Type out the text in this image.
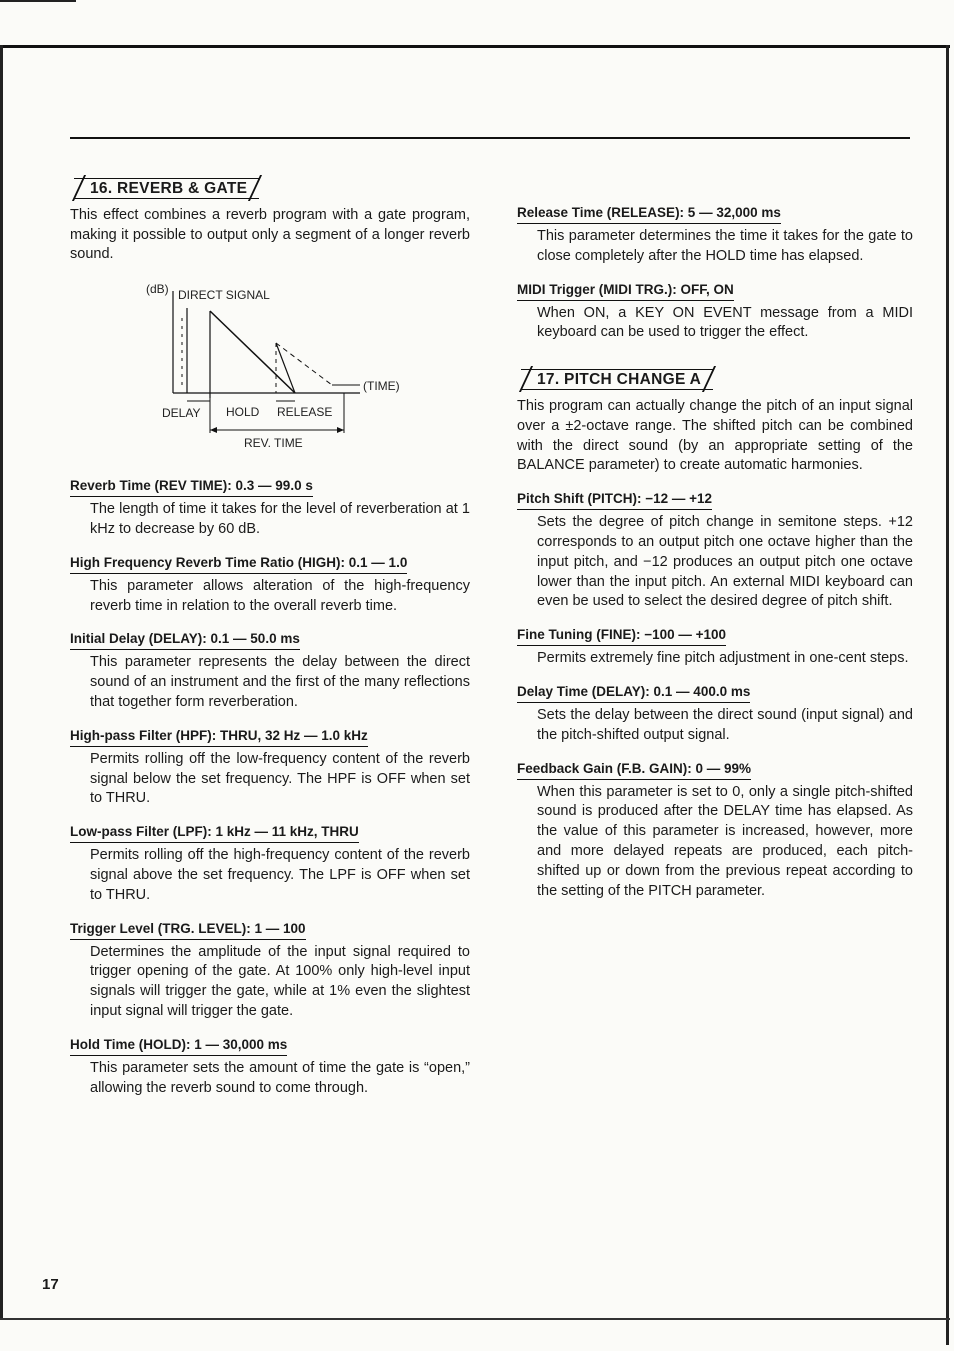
16. REVERB & GATE

This effect combines a reverb program with a gate program, making it possible to output only a segment of a longer reverb sound.

(dB) DIRECT SIGNAL
(TIME)
DELAY HOLD RELEASE
REV. TIME
Reverb Time (REV TIME): 0.3 — 99.0 s

The length of time it takes for the level of reverberation at 1 kHz to decrease by 60 dB.

High Frequency Reverb Time Ratio (HIGH): 0.1 — 1.0

This parameter allows alteration of the high-frequency reverb time in relation to the overall reverb time.

Initial Delay (DELAY): 0.1 — 50.0 ms

This parameter represents the delay between the direct sound of an instrument and the first of the many reflections that together form reverberation.

High-pass Filter (HPF): THRU, 32 Hz — 1.0 kHz

Permits rolling off the low-frequency content of the reverb signal below the set frequency. The HPF is OFF when set to THRU.

Low-pass Filter (LPF): 1 kHz — 11 kHz, THRU

Permits rolling off the high-frequency content of the reverb signal above the set frequency. The LPF is OFF when set to THRU.

Trigger Level (TRG. LEVEL): 1 — 100

Determines the amplitude of the input signal required to trigger opening of the gate. At 100% only high-level input signals will trigger the gate, while at 1% even the slightest input signal will trigger the gate.

Hold Time (HOLD): 1 — 30,000 ms

This parameter sets the amount of time the gate is “open,” allowing the reverb sound to come through.

Release Time (RELEASE): 5 — 32,000 ms

This parameter determines the time it takes for the gate to close completely after the HOLD time has elapsed.

MIDI Trigger (MIDI TRG.): OFF, ON

When ON, a KEY ON EVENT message from a MIDI keyboard can be used to trigger the effect.

17. PITCH CHANGE A

This program can actually change the pitch of an input signal over a ±2-octave range. The shifted pitch can be combined with the direct sound (by an appropriate setting of the BALANCE parameter) to create automatic harmonies.

Pitch Shift (PITCH): −12 — +12

Sets the degree of pitch change in semitone steps. +12 corresponds to an output pitch one octave higher than the input pitch, and −12 produces an output pitch one octave lower than the input pitch. An external MIDI keyboard can even be used to select the desired degree of pitch shift.

Fine Tuning (FINE): −100 — +100

Permits extremely fine pitch adjustment in one-cent steps.

Delay Time (DELAY): 0.1 — 400.0 ms

Sets the delay between the direct sound (input signal) and the pitch-shifted output signal.

Feedback Gain (F.B. GAIN): 0 — 99%

When this parameter is set to 0, only a single pitch-shifted sound is produced after the DELAY time has elapsed. As the value of this parameter is increased, however, more and more delayed repeats are produced, each pitch-shifted up or down from the previous repeat according to the setting of the PITCH parameter.

17
